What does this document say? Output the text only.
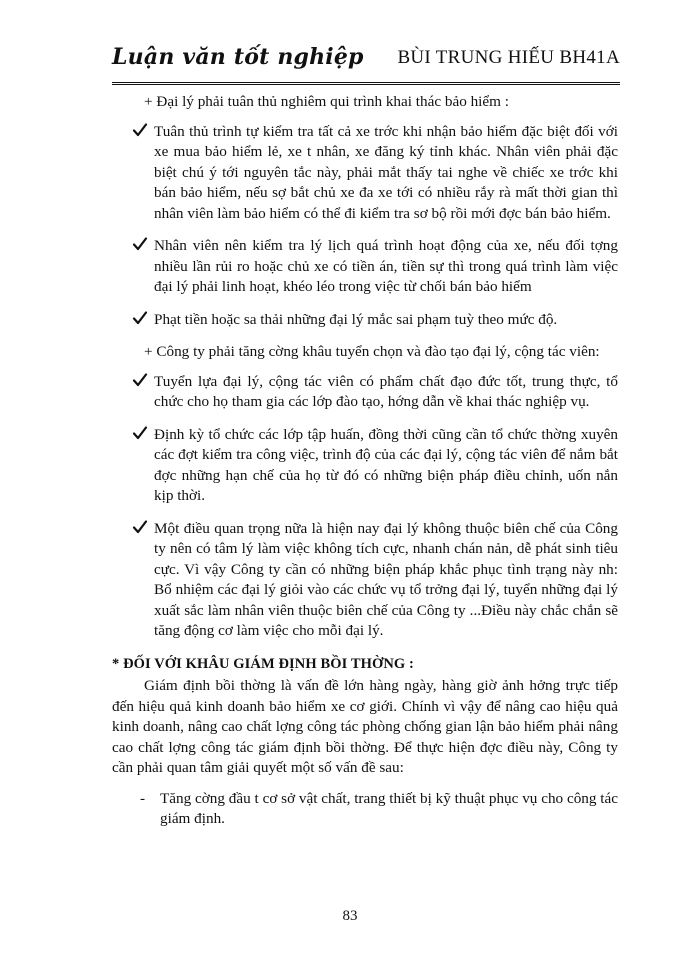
Luận văn tốt nghiệp BÙI TRUNG HIẾU BH41A
+ Đại lý phải tuân thủ nghiêm qui trình khai thác bảo hiểm :
Tuân thủ trình tự kiểm tra tất cả xe trớc khi nhận bảo hiểm đặc biệt đối với xe mua bảo hiểm lẻ, xe t nhân, xe đăng ký tỉnh khác. Nhân viên phải đặc biệt chú ý tới nguyên tắc này, phải mắt thấy tai nghe về chiếc xe trớc khi bán bảo hiểm, nếu sợ bắt chủ xe đa xe tới có nhiều rắy rà mất thời gian thì nhân viên làm bảo hiểm có thể đi kiểm tra sơ bộ rồi mới đợc bán bảo hiểm.
Nhân viên nên kiểm tra lý lịch quá trình hoạt động của xe, nếu đối tợng nhiều lần rủi ro hoặc chủ xe có tiền án, tiền sự thì trong quá trình làm việc đại lý phải linh hoạt, khéo léo trong việc từ chối bán bảo hiểm
Phạt tiền hoặc sa thải những đại lý mắc sai phạm tuỳ theo mức độ.
+ Công ty phải tăng cờng khâu tuyển chọn và đào tạo đại lý, cộng tác viên:
Tuyển lựa đại lý, cộng tác viên có phẩm chất đạo đức tốt, trung thực, tổ chức cho họ tham gia các lớp đào tạo, hớng dẫn về khai thác nghiệp vụ.
Định kỳ tổ chức các lớp tập huấn, đồng thời cũng cần tổ chức thờng xuyên các đợt kiểm tra công việc, trình độ của các đại lý, cộng tác viên để nắm bắt đợc những hạn chế của họ từ đó có những biện pháp điều chỉnh, uốn nắn kịp thời.
Một điều quan trọng nữa là hiện nay đại lý không thuộc biên chế của Công ty nên có tâm lý làm việc không tích cực, nhanh chán nản, dễ phát sinh tiêu cực. Vì vậy Công ty cần có những biện pháp khắc phục tình trạng này nh: Bổ nhiệm các đại lý giỏi vào các chức vụ tổ trởng đại lý, tuyển những đại lý xuất sắc làm nhân viên thuộc biên chế của Công ty ...Điều này chắc chắn sẽ tăng động cơ làm việc cho mỗi đại lý.
* ĐỐI VỚI KHÂU GIÁM ĐỊNH BỒI THỜNG :

Giám định bồi thờng là vấn đề lớn hàng ngày, hàng giờ ảnh hởng trực tiếp đến hiệu quả kinh doanh bảo hiểm xe cơ giới. Chính vì vậy để nâng cao hiệu quả kinh doanh, nâng cao chất lợng công tác phòng chống gian lận bảo hiểm phải nâng cao chất lợng công tác giám định bồi thờng. Để thực hiện đợc điều này, Công ty cần phải quan tâm giải quyết một số vấn đề sau:

- Tăng cờng đầu t cơ sở vật chất, trang thiết bị kỹ thuật phục vụ cho công tác giám định.
83
